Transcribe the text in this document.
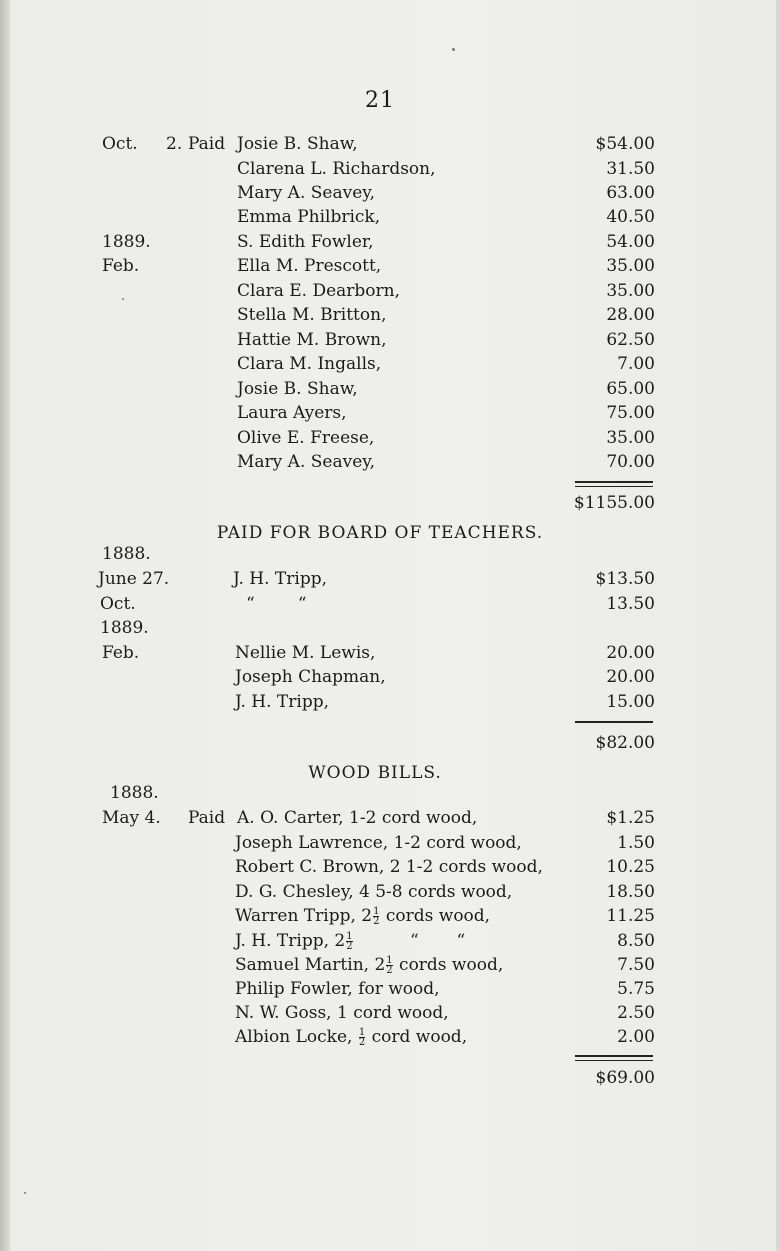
21
Oct. 2. Paid Josie B. Shaw,	$54.00
Clarena L. Richardson,	31.50
Mary A. Seavey,	63.00
Emma Philbrick,	40.50
1889.	S. Edith Fowler,	54.00
Feb.	Ella M. Prescott,	35.00
Clara E. Dearborn,	35.00
Stella M. Britton,	28.00
Hattie M. Brown,	62.50
Clara M. Ingalls,	7.00
Josie B. Shaw,	65.00
Laura Ayers,	75.00
Olive E. Freese,	35.00
Mary A. Seavey,	70.00
$1155.00
PAID FOR BOARD OF TEACHERS.
1888.
June 27.	J. H. Tripp,	$13.50
Oct.	“        “	13.50
1889.
Feb.	Nellie M. Lewis,	20.00
Joseph Chapman,	20.00
J. H. Tripp,	15.00
$82.00
WOOD BILLS.
1888.
May 4. Paid A. O. Carter, 1-2 cord wood,	$1.25
Joseph Lawrence, 1-2 cord wood,	1.50
Robert C. Brown, 2 1-2 cords wood,	10.25
D. G. Chesley, 4 5-8 cords wood,	18.50
Warren Tripp, $2 \frac{1}{2}$ cords wood,	11.25
J. H. Tripp, $2 \frac{1}{2}$	“       “	8.50
Samuel Martin, $2 \frac{1}{2}$ cords wood,	7.50
Philip Fowler, for wood,	5.75
N. W. Goss, 1 cord wood,	2.50
Albion Locke, $\frac{1}{2}$ cord wood,	2.00
$69.00
